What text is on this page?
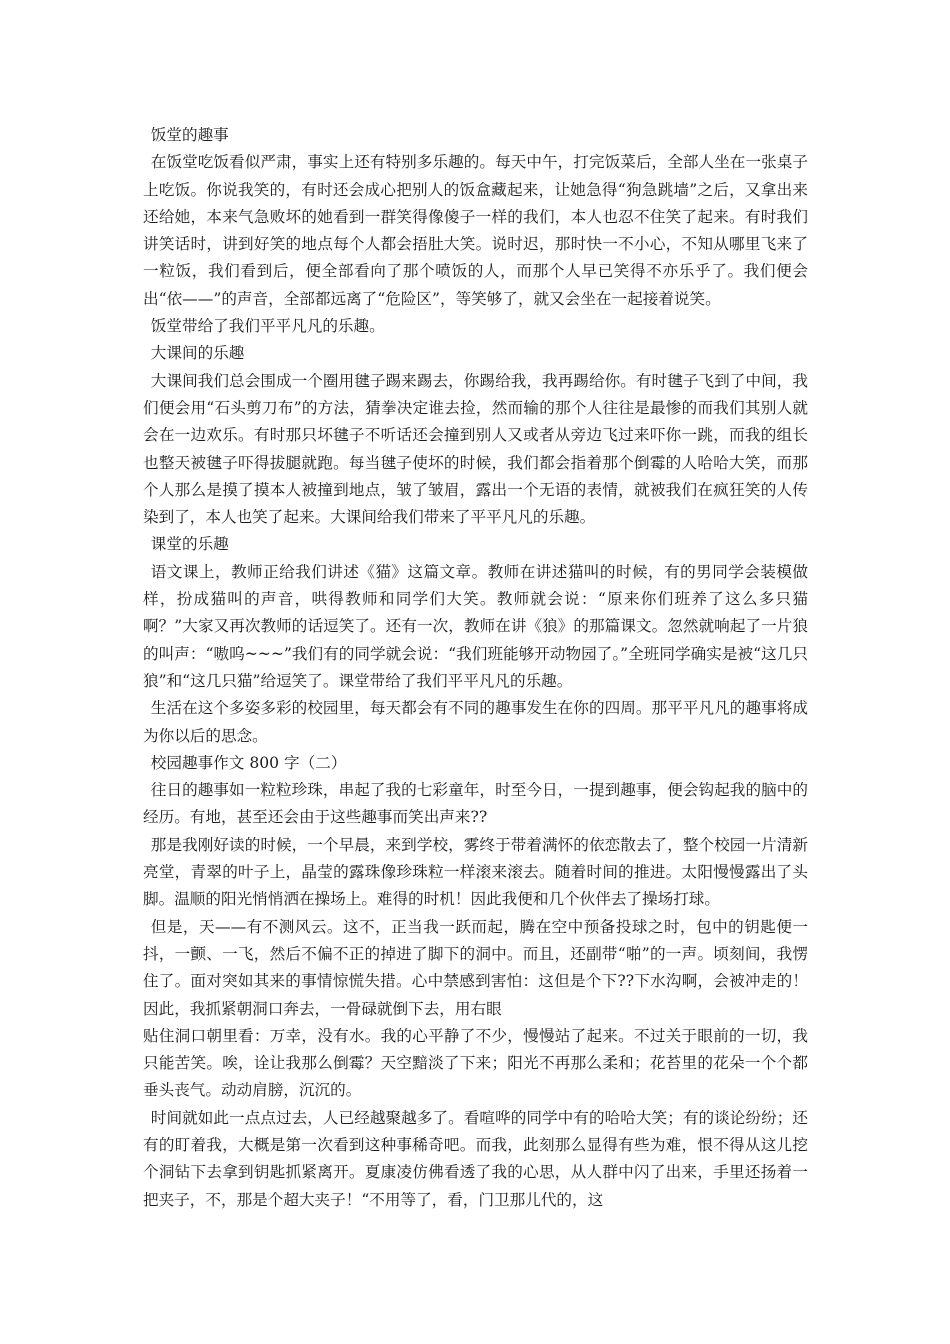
饭堂的趣事

在饭堂吃饭看似严肃，事实上还有特别多乐趣的。每天中午，打完饭菜后，全部人坐在一张桌子上吃饭。你说我笑的，有时还会成心把别人的饭盒藏起来，让她急得“狗急跳墙”之后，又拿出来还给她，本来气急败坏的她看到一群笑得像傻子一样的我们，本人也忍不住笑了起来。有时我们讲笑话时，讲到好笑的地点每个人都会捂肚大笑。说时迟，那时快一不小心，不知从哪里飞来了一粒饭，我们看到后，便全部看向了那个喷饭的人，而那个人早已笑得不亦乐乎了。我们便会出“依——”的声音，全部都远离了“危险区”，等笑够了，就又会坐在一起接着说笑。

饭堂带给了我们平平凡凡的乐趣。

大课间的乐趣

大课间我们总会围成一个圈用毽子踢来踢去，你踢给我，我再踢给你。有时毽子飞到了中间，我们便会用“石头剪刀布”的方法，猜拳决定谁去捡，然而输的那个人往往是最惨的而我们其别人就会在一边欢乐。有时那只坏毽子不听话还会撞到别人又或者从旁边飞过来吓你一跳，而我的组长也整天被毽子吓得拔腿就跑。每当毽子使坏的时候，我们都会指着那个倒霉的人哈哈大笑，而那个人那么是摸了摸本人被撞到地点，皱了皱眉，露出一个无语的表情，就被我们在疯狂笑的人传染到了，本人也笑了起来。大课间给我们带来了平平凡凡的乐趣。

课堂的乐趣

语文课上，教师正给我们讲述《猫》这篇文章。教师在讲述猫叫的时候，有的男同学会装模做样，扮成猫叫的声音，哄得教师和同学们大笑。教师就会说：“原来你们班养了这么多只猫啊？”大家又再次教师的话逗笑了。还有一次，教师在讲《狼》的那篇课文。忽然就响起了一片狼的叫声：“嗷呜~~~”我们有的同学就会说：“我们班能够开动物园了。”全班同学确实是被“这几只狼”和“这几只猫”给逗笑了。课堂带给了我们平平凡凡的乐趣。

生活在这个多姿多彩的校园里，每天都会有不同的趣事发生在你的四周。那平平凡凡的趣事将成为你以后的思念。

校园趣事作文 800 字（二）

往日的趣事如一粒粒珍珠，串起了我的七彩童年，时至今日，一提到趣事，便会钩起我的脑中的经历。有地，甚至还会由于这些趣事而笑出声来??

那是我刚好读的时候，一个早晨，来到学校，雾终于带着满怀的依恋散去了，整个校园一片清新亮堂，青翠的叶子上，晶莹的露珠像珍珠粒一样滚来滚去。随着时间的推进。太阳慢慢露出了头脚。温顺的阳光悄悄洒在操场上。难得的时机！因此我便和几个伙伴去了操场打球。

但是，天——有不测风云。这不，正当我一跃而起，腾在空中预备投球之时，包中的钥匙便一抖，一颤、一飞，然后不偏不正的掉进了脚下的洞中。而且，还副带“啪”的一声。顷刻间，我愣住了。面对突如其来的事情惊慌失措。心中禁感到害怕：这但是个下??下水沟啊，会被冲走的！因此，我抓紧朝洞口奔去，一骨碌就倒下去，用右眼

贴住洞口朝里看：万幸，没有水。我的心平静了不少，慢慢站了起来。不过关于眼前的一切，我只能苦笑。唉，诠让我那么倒霉？天空黯淡了下来；阳光不再那么柔和；花苔里的花朵一个个都垂头丧气。动动肩膀，沉沉的。

时间就如此一点点过去，人已经越聚越多了。看喧哗的同学中有的哈哈大笑；有的谈论纷纷；还有的盯着我，大概是第一次看到这种事稀奇吧。而我，此刻那么显得有些为难，恨不得从这儿挖个洞钻下去拿到钥匙抓紧离开。夏康凌仿佛看透了我的心思，从人群中闪了出来，手里还扬着一把夹子，不，那是个超大夹子！“不用等了，看，门卫那儿代的，这
